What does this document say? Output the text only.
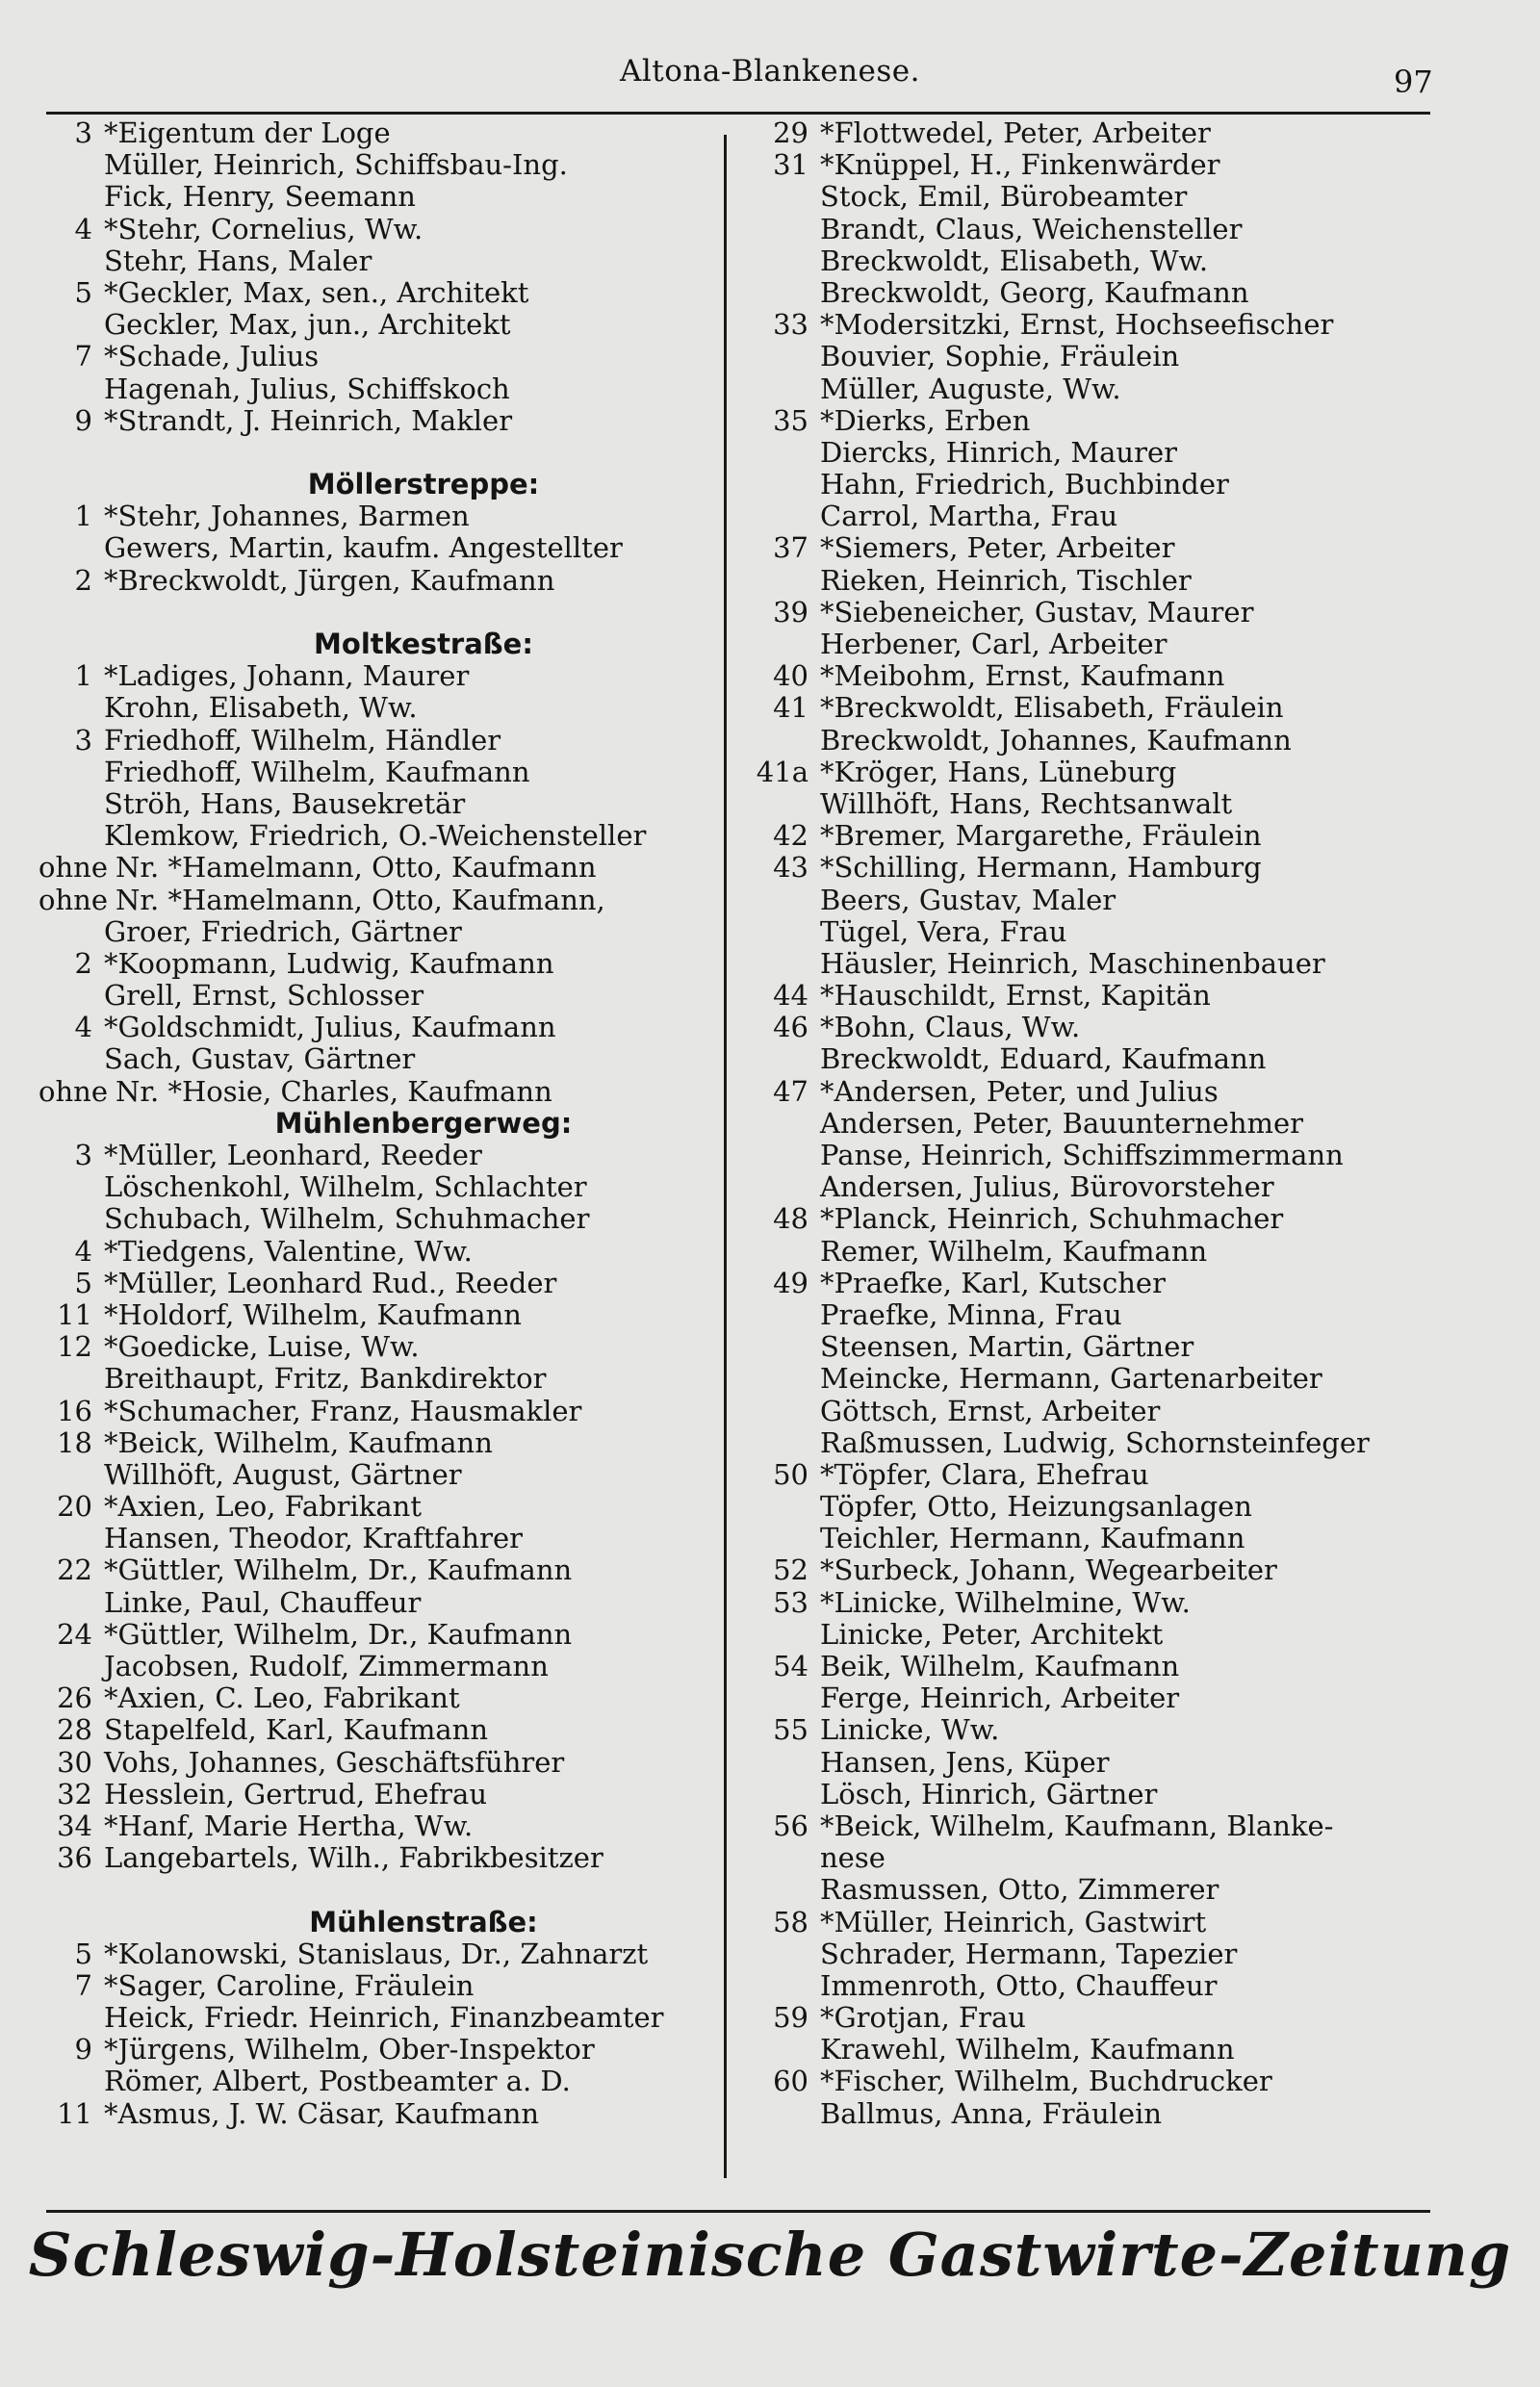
Altona-Blankenese.	97
3 *Eigentum der Loge
Müller, Heinrich, Schiffsbau-Ing.
Fick, Henry, Seemann
4 *Stehr, Cornelius, Ww.
Stehr, Hans, Maler
5 *Geckler, Max, sen., Architekt
Geckler, Max, jun., Architekt
7 *Schade, Julius
Hagenah, Julius, Schiffskoch
9 *Strandt, J. Heinrich, Makler
Möllerstreppe:
1 *Stehr, Johannes, Barmen
Gewers, Martin, kaufm. Angestellter
2 *Breckwoldt, Jürgen, Kaufmann
Moltkestraße:
1 *Ladiges, Johann, Maurer
Krohn, Elisabeth, Ww.
3 Friedhoff, Wilhelm, Händler
Friedhoff, Wilhelm, Kaufmann
Ströh, Hans, Bausekretär
Klemkow, Friedrich, O.-Weichensteller
ohne Nr. *Hamelmann, Otto, Kaufmann
ohne Nr. *Hamelmann, Otto, Kaufmann,
Groer, Friedrich, Gärtner
2 *Koopmann, Ludwig, Kaufmann
Grell, Ernst, Schlosser
4 *Goldschmidt, Julius, Kaufmann
Sach, Gustav, Gärtner
ohne Nr. *Hosie, Charles, Kaufmann
Mühlenbergerweg:
3 *Müller, Leonhard, Reeder
Löschenkohl, Wilhelm, Schlachter
Schubach, Wilhelm, Schuhmacher
4 *Tiedgens, Valentine, Ww.
5 *Müller, Leonhard Rud., Reeder
11 *Holdorf, Wilhelm, Kaufmann
12 *Goedicke, Luise, Ww.
Breithaupt, Fritz, Bankdirektor
16 *Schumacher, Franz, Hausmakler
18 *Beick, Wilhelm, Kaufmann
Willhöft, August, Gärtner
20 *Axien, Leo, Fabrikant
Hansen, Theodor, Kraftfahrer
22 *Güttler, Wilhelm, Dr., Kaufmann
Linke, Paul, Chauffeur
24 *Güttler, Wilhelm, Dr., Kaufmann
Jacobsen, Rudolf, Zimmermann
26 *Axien, C. Leo, Fabrikant
28 Stapelfeld, Karl, Kaufmann
30 Vohs, Johannes, Geschäftsführer
32 Hesslein, Gertrud, Ehefrau
34 *Hanf, Marie Hertha, Ww.
36 Langebartels, Wilh., Fabrikbesitzer
Mühlenstraße:
5 *Kolanowski, Stanislaus, Dr., Zahnarzt
7 *Sager, Caroline, Fräulein
Heick, Friedr. Heinrich, Finanzbeamter
9 *Jürgens, Wilhelm, Ober-Inspektor
Römer, Albert, Postbeamter a. D.
11 *Asmus, J. W. Cäsar, Kaufmann
29 *Flottwedel, Peter, Arbeiter
31 *Knüppel, H., Finkenwärder
Stock, Emil, Bürobeamter
Brandt, Claus, Weichensteller
Breckwoldt, Elisabeth, Ww.
Breckwoldt, Georg, Kaufmann
33 *Modersitzki, Ernst, Hochseefischer
Bouvier, Sophie, Fräulein
Müller, Auguste, Ww.
35 *Dierks, Erben
Diercks, Hinrich, Maurer
Hahn, Friedrich, Buchbinder
Carrol, Martha, Frau
37 *Siemers, Peter, Arbeiter
Rieken, Heinrich, Tischler
39 *Siebeneicher, Gustav, Maurer
Herbener, Carl, Arbeiter
40 *Meibohm, Ernst, Kaufmann
41 *Breckwoldt, Elisabeth, Fräulein
Breckwoldt, Johannes, Kaufmann
41a *Kröger, Hans, Lüneburg
Willhöft, Hans, Rechtsanwalt
42 *Bremer, Margarethe, Fräulein
43 *Schilling, Hermann, Hamburg
Beers, Gustav, Maler
Tügel, Vera, Frau
Häusler, Heinrich, Maschinenbauer
44 *Hauschildt, Ernst, Kapitän
46 *Bohn, Claus, Ww.
Breckwoldt, Eduard, Kaufmann
47 *Andersen, Peter, und Julius
Andersen, Peter, Bauunternehmer
Panse, Heinrich, Schiffszimmermann
Andersen, Julius, Bürovorsteher
48 *Planck, Heinrich, Schuhmacher
Remer, Wilhelm, Kaufmann
49 *Praefke, Karl, Kutscher
Praefke, Minna, Frau
Steensen, Martin, Gärtner
Meincke, Hermann, Gartenarbeiter
Göttsch, Ernst, Arbeiter
Raßmussen, Ludwig, Schornsteinfeger
50 *Töpfer, Clara, Ehefrau
Töpfer, Otto, Heizungsanlagen
Teichler, Hermann, Kaufmann
52 *Surbeck, Johann, Wegearbeiter
53 *Linicke, Wilhelmine, Ww.
Linicke, Peter, Architekt
54 Beik, Wilhelm, Kaufmann
Ferge, Heinrich, Arbeiter
55 Linicke, Ww.
Hansen, Jens, Küper
Lösch, Hinrich, Gärtner
56 *Beick, Wilhelm, Kaufmann, Blanke-
nese
Rasmussen, Otto, Zimmerer
58 *Müller, Heinrich, Gastwirt
Schrader, Hermann, Tapezier
Immenroth, Otto, Chauffeur
59 *Grotjan, Frau
Krawehl, Wilhelm, Kaufmann
60 *Fischer, Wilhelm, Buchdrucker
Ballmus, Anna, Fräulein
Schleswig-Holsteinische Gastwirte-Zeitung
